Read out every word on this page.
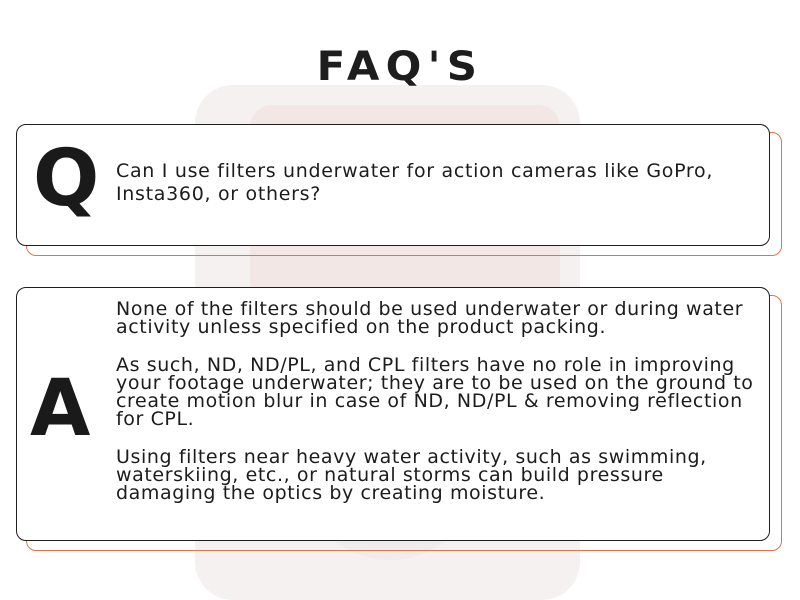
FAQ'S
Q Can I use filters underwater for action cameras like GoPro, Insta360, or others?

A

None of the filters should be used underwater or during water activity unless specified on the product packing.

As such, ND, ND/PL, and CPL filters have no role in improving your footage underwater; they are to be used on the ground to create motion blur in case of ND, ND/PL & removing reflection for CPL.

Using filters near heavy water activity, such as swimming, waterskiing, etc., or natural storms can build pressure damaging the optics by creating moisture.
